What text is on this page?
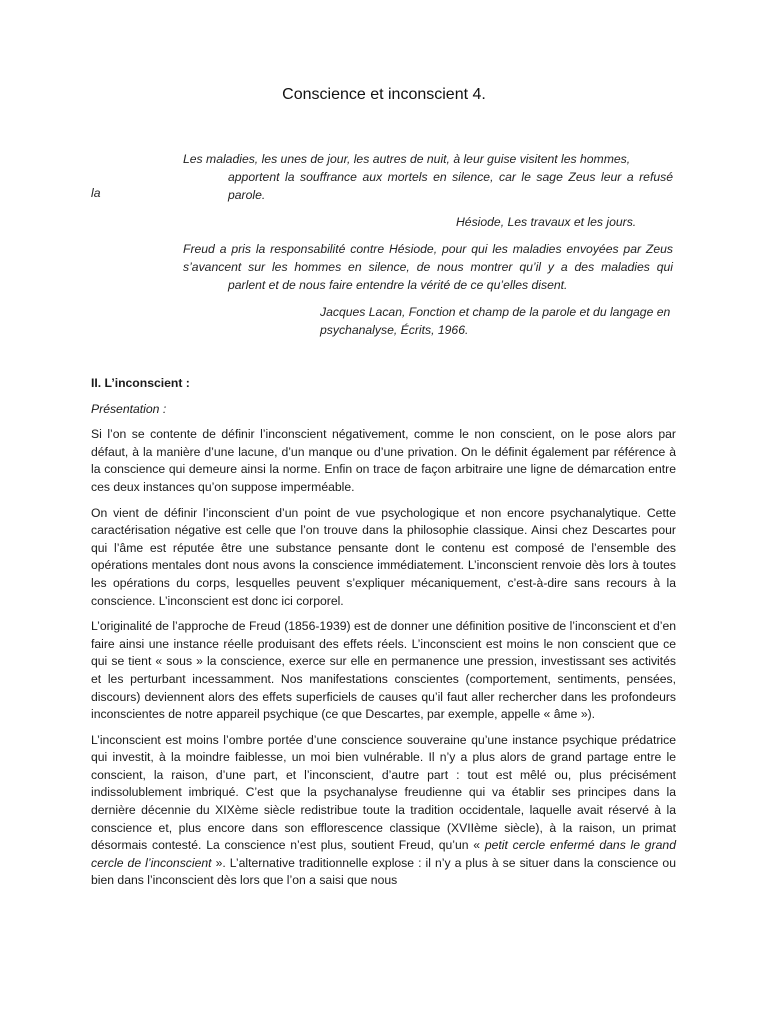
Conscience et inconscient 4.
Les maladies, les unes de jour, les autres de nuit, à leur guise visitent les hommes,
apportent la souffrance aux mortels en silence, car le sage Zeus leur a refusé
parole.
la
Hésiode, Les travaux et les jours.
Freud a pris la responsabilité contre Hésiode, pour qui les maladies envoyées par Zeus
s’avancent sur les hommes en silence, de nous montrer qu’il y a des maladies qui
parlent et de nous faire entendre la vérité de ce qu’elles disent.
Jacques Lacan, Fonction et champ de la parole et du langage en psychanalyse, Écrits, 1966.
II. L’inconscient :
Présentation :

Si l’on se contente de définir l’inconscient négativement, comme le non conscient, on le pose alors par défaut, à la manière d’une lacune, d’un manque ou d’une privation. On le définit également par référence à la conscience qui demeure ainsi la norme. Enfin on trace de façon arbitraire une ligne de démarcation entre ces deux instances qu’on suppose imperméable.

On vient de définir l’inconscient d’un point de vue psychologique et non encore psychanalytique. Cette caractérisation négative est celle que l’on trouve dans la philosophie classique. Ainsi chez Descartes pour qui l’âme est réputée être une substance pensante dont le contenu est composé de l’ensemble des opérations mentales dont nous avons la conscience immédiatement. L’inconscient renvoie dès lors à toutes les opérations du corps, lesquelles peuvent s’expliquer mécaniquement, c’est-à-dire sans recours à la conscience. L’inconscient est donc ici corporel.

L’originalité de l’approche de Freud (1856-1939) est de donner une définition positive de l’inconscient et d’en faire ainsi une instance réelle produisant des effets réels. L’inconscient est moins le non conscient que ce qui se tient « sous » la conscience, exerce sur elle en permanence une pression, investissant ses activités et les perturbant incessamment. Nos manifestations conscientes (comportement, sentiments, pensées, discours) deviennent alors des effets superficiels de causes qu’il faut aller rechercher dans les profondeurs inconscientes de notre appareil psychique (ce que Descartes, par exemple, appelle « âme »).

L’inconscient est moins l’ombre portée d’une conscience souveraine qu’une instance psychique prédatrice qui investit, à la moindre faiblesse, un moi bien vulnérable. Il n’y a plus alors de grand partage entre le conscient, la raison, d’une part, et l’inconscient, d’autre part : tout est mêlé ou, plus précisément indissolublement imbriqué. C’est que la psychanalyse freudienne qui va établir ses principes dans la dernière décennie du XIXème siècle redistribue toute la tradition occidentale, laquelle avait réservé à la conscience et, plus encore dans son efflorescence classique (XVIIème siècle), à la raison, un primat désormais contesté. La conscience n’est plus, soutient Freud, qu’un « petit cercle enfermé dans le grand cercle de l’inconscient ». L’alternative traditionnelle explose : il n’y a plus à se situer dans la conscience ou bien dans l’inconscient dès lors que l’on a saisi que nous
